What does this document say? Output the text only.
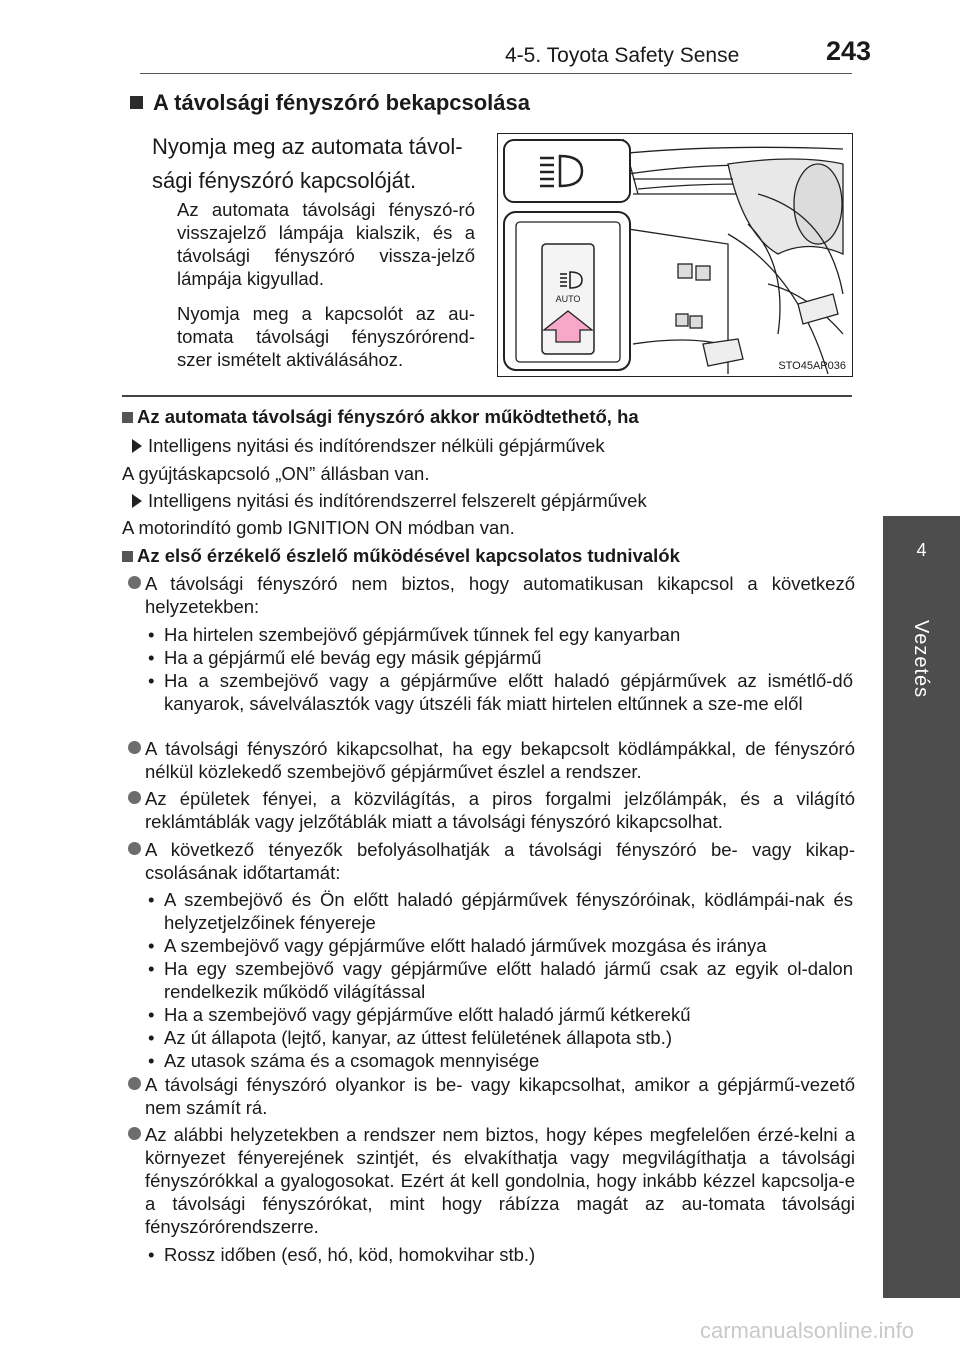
4-5. Toyota Safety Sense	243
4
Vezetés
A távolsági fényszóró bekapcsolása
Nyomja meg az automata távol-sági fényszóró kapcsolóját.
Az automata távolsági fényszó-ró visszajelző lámpája kialszik, és a távolsági fényszóró vissza-jelző lámpája kigyullad.
Nyomja meg a kapcsolót az au-tomata távolsági fényszórórend-szer ismételt aktiválásához.
AUTO
STO45AP036
Az automata távolsági fényszóró akkor működtethető, ha
Intelligens nyitási és indítórendszer nélküli gépjárművek
A gyújtáskapcsoló „ON” állásban van.
Intelligens nyitási és indítórendszerrel felszerelt gépjárművek
A motorindító gomb IGNITION ON módban van.
Az első érzékelő észlelő működésével kapcsolatos tudnivalók
A távolsági fényszóró nem biztos, hogy automatikusan kikapcsol a következő helyzetekben:
• Ha hirtelen szembejövő gépjárművek tűnnek fel egy kanyarban
• Ha a gépjármű elé bevág egy másik gépjármű
• Ha a szembejövő vagy a gépjárműve előtt haladó gépjárművek az ismétlő-dő kanyarok, sávelválasztók vagy útszéli fák miatt hirtelen eltűnnek a sze-me elől
A távolsági fényszóró kikapcsolhat, ha egy bekapcsolt ködlámpákkal, de fényszóró nélkül közlekedő szembejövő gépjárművet észlel a rendszer.
Az épületek fényei, a közvilágítás, a piros forgalmi jelzőlámpák, és a világító reklámtáblák vagy jelzőtáblák miatt a távolsági fényszóró kikapcsolhat.
A következő tényezők befolyásolhatják a távolsági fényszóró be- vagy kikap-csolásának időtartamát:
• A szembejövő és Ön előtt haladó gépjárművek fényszóróinak, ködlámpái-nak és helyzetjelzőinek fényereje
• A szembejövő vagy gépjárműve előtt haladó járművek mozgása és iránya
• Ha egy szembejövő vagy gépjárműve előtt haladó jármű csak az egyik ol-dalon rendelkezik működő világítással
• Ha a szembejövő vagy gépjárműve előtt haladó jármű kétkerekű
• Az út állapota (lejtő, kanyar, az úttest felületének állapota stb.)
• Az utasok száma és a csomagok mennyisége
A távolsági fényszóró olyankor is be- vagy kikapcsolhat, amikor a gépjármű-vezető nem számít rá.
Az alábbi helyzetekben a rendszer nem biztos, hogy képes megfelelően érzé-kelni a környezet fényerejének szintjét, és elvakíthatja vagy megvilágíthatja a távolsági fényszórókkal a gyalogosokat. Ezért át kell gondolnia, hogy inkább kézzel kapcsolja-e a távolsági fényszórókat, mint hogy rábízza magát az au-tomata távolsági fényszórórendszerre.
• Rossz időben (eső, hó, köd, homokvihar stb.)
carmanualsonline.info
